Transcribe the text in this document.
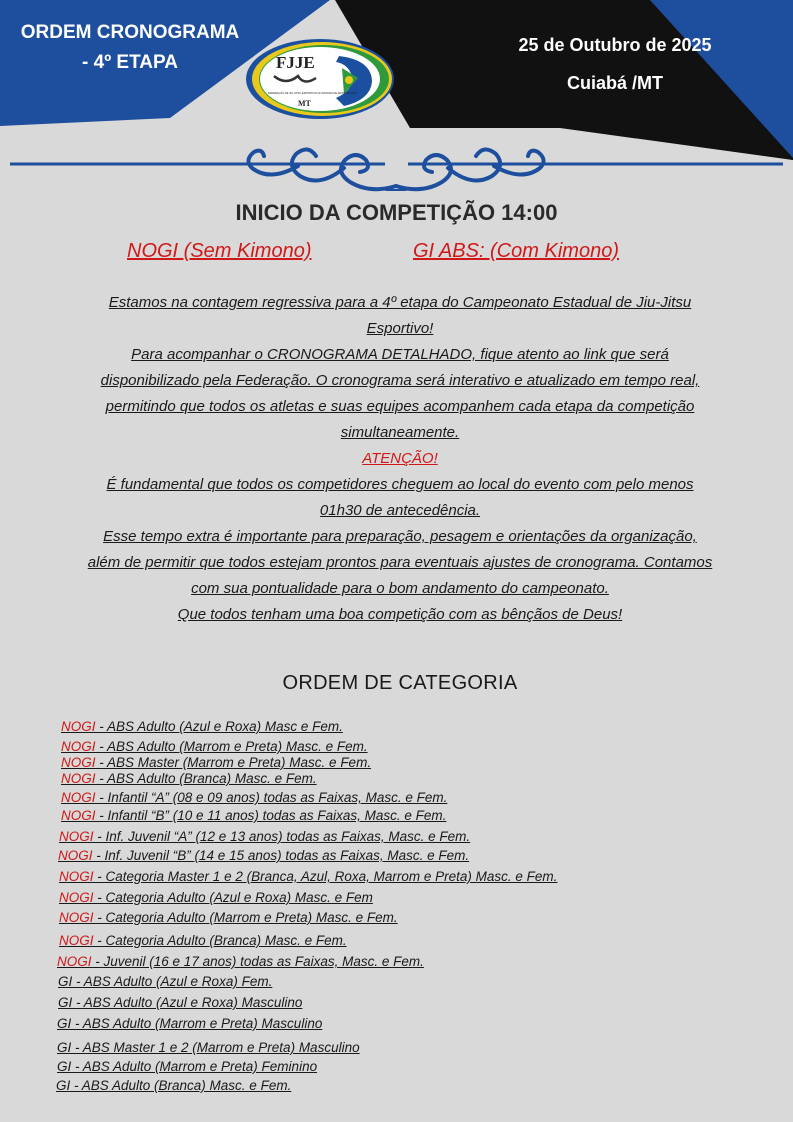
ORDEM CRONOGRAMA
- 4º ETAPA
25 de Outubro de 2025
Cuiabá /MT
FJJE
FEDERAÇÃO DE JIU-JITSU ESPORTIVO DO ESTADO DE MATO GROSSO
MT
INICIO DA COMPETIÇÃO 14:00
NOGI (Sem Kimono)	GI ABS: (Com Kimono)

Estamos na contagem regressiva para a 4º etapa do Campeonato Estadual de Jiu-Jitsu Esportivo!

Para acompanhar o CRONOGRAMA DETALHADO, fique atento ao link que será disponibilizado pela Federação. O cronograma será interativo e atualizado em tempo real, permitindo que todos os atletas e suas equipes acompanhem cada etapa da competição simultaneamente.

ATENÇÃO!

É fundamental que todos os competidores cheguem ao local do evento com pelo menos 01h30 de antecedência.

Esse tempo extra é importante para preparação, pesagem e orientações da organização, além de permitir que todos estejam prontos para eventuais ajustes de cronograma. Contamos com sua pontualidade para o bom andamento do campeonato.

Que todos tenham uma boa competição com as bênçãos de Deus!

ORDEM DE CATEGORIA
NOGI - ABS Adulto (Azul e Roxa) Masc e Fem.
NOGI - ABS Adulto (Marrom e Preta) Masc. e Fem.
NOGI - ABS Master (Marrom e Preta) Masc. e Fem.
NOGI - ABS Adulto (Branca) Masc. e Fem.
NOGI - Infantil “A” (08 e 09 anos) todas as Faixas, Masc. e Fem.
NOGI - Infantil “B” (10 e 11 anos) todas as Faixas, Masc. e Fem.
NOGI - Inf. Juvenil “A” (12 e 13 anos) todas as Faixas, Masc. e Fem.
NOGI - Inf. Juvenil “B” (14 e 15 anos) todas as Faixas, Masc. e Fem.
NOGI - Categoria Master 1 e 2 (Branca, Azul, Roxa, Marrom e Preta) Masc. e Fem.
NOGI - Categoria Adulto (Azul e Roxa) Masc. e Fem
NOGI - Categoria Adulto (Marrom e Preta) Masc. e Fem.
NOGI - Categoria Adulto (Branca) Masc. e Fem.
NOGI - Juvenil (16 e 17 anos) todas as Faixas, Masc. e Fem.
GI - ABS Adulto (Azul e Roxa) Fem.
GI - ABS Adulto (Azul e Roxa) Masculino
GI - ABS Adulto (Marrom e Preta) Masculino
GI - ABS Master 1 e 2 (Marrom e Preta) Masculino
GI - ABS Adulto (Marrom e Preta) Feminino
GI - ABS Adulto (Branca) Masc. e Fem.
